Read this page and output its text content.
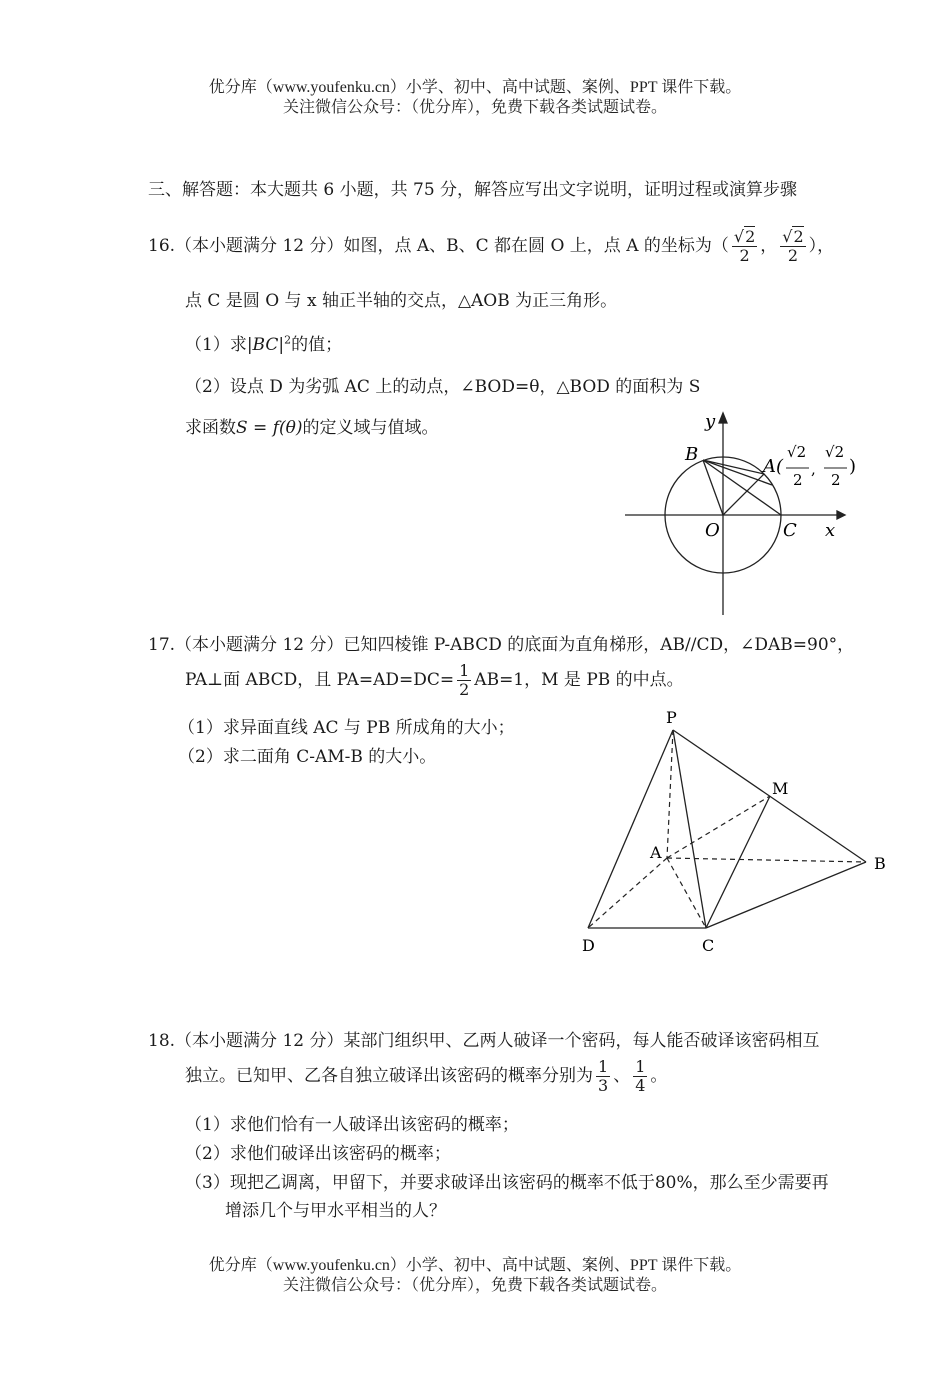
优分库（www.youfenku.cn）小学、初中、高中试题、案例、PPT 课件下载。
关注微信公众号：（优分库），免费下载各类试题试卷。
三、解答题：本大题共 6 小题，共 75 分，解答应写出文字说明，证明过程或演算步骤
16.（本小题满分 12 分）如图，点 A、B、C 都在圆 O 上，点 A 的坐标为（ $\frac{√2}{2}$ ， $\frac{√2}{2}$ ），
点 C 是圆 O 与 x 轴正半轴的交点，△AOB 为正三角形。
（1）求$|BC|^2$的值；
（2）设点 D 为劣弧 AC 上的动点，∠BOD=θ，△BOD 的面积为 S
求函数S = f(θ)的定义域与值域。	y
x
O	C
B
A(
√2
2
,
√2
2
)
17.（本小题满分 12 分）已知四棱锥 P-ABCD 的底面为直角梯形，AB//CD，∠DAB=90°，
PA⊥面 ABCD，且 $PA=AD=DC= \frac{1}{2} AB=1$，M 是 PB 的中点。
（1）求异面直线 AC 与 PB 所成角的大小；
（2）求二面角 C-AM-B 的大小。
P
M
A
B
D	C
18.（本小题满分 12 分）某部门组织甲、乙两人破译一个密码，每人能否破译该密码相互
独立。已知甲、乙各自独立破译出该密码的概率分别为 $\frac{1}{3}$ 、 $\frac{1}{4}$ 。
（1）求他们恰有一人破译出该密码的概率；
（2）求他们破译出该密码的概率；
（3）现把乙调离，甲留下，并要求破译出该密码的概率不低于80%，那么至少需要再
增添几个与甲水平相当的人？
优分库（www.youfenku.cn）小学、初中、高中试题、案例、PPT 课件下载。
关注微信公众号：（优分库），免费下载各类试题试卷。
